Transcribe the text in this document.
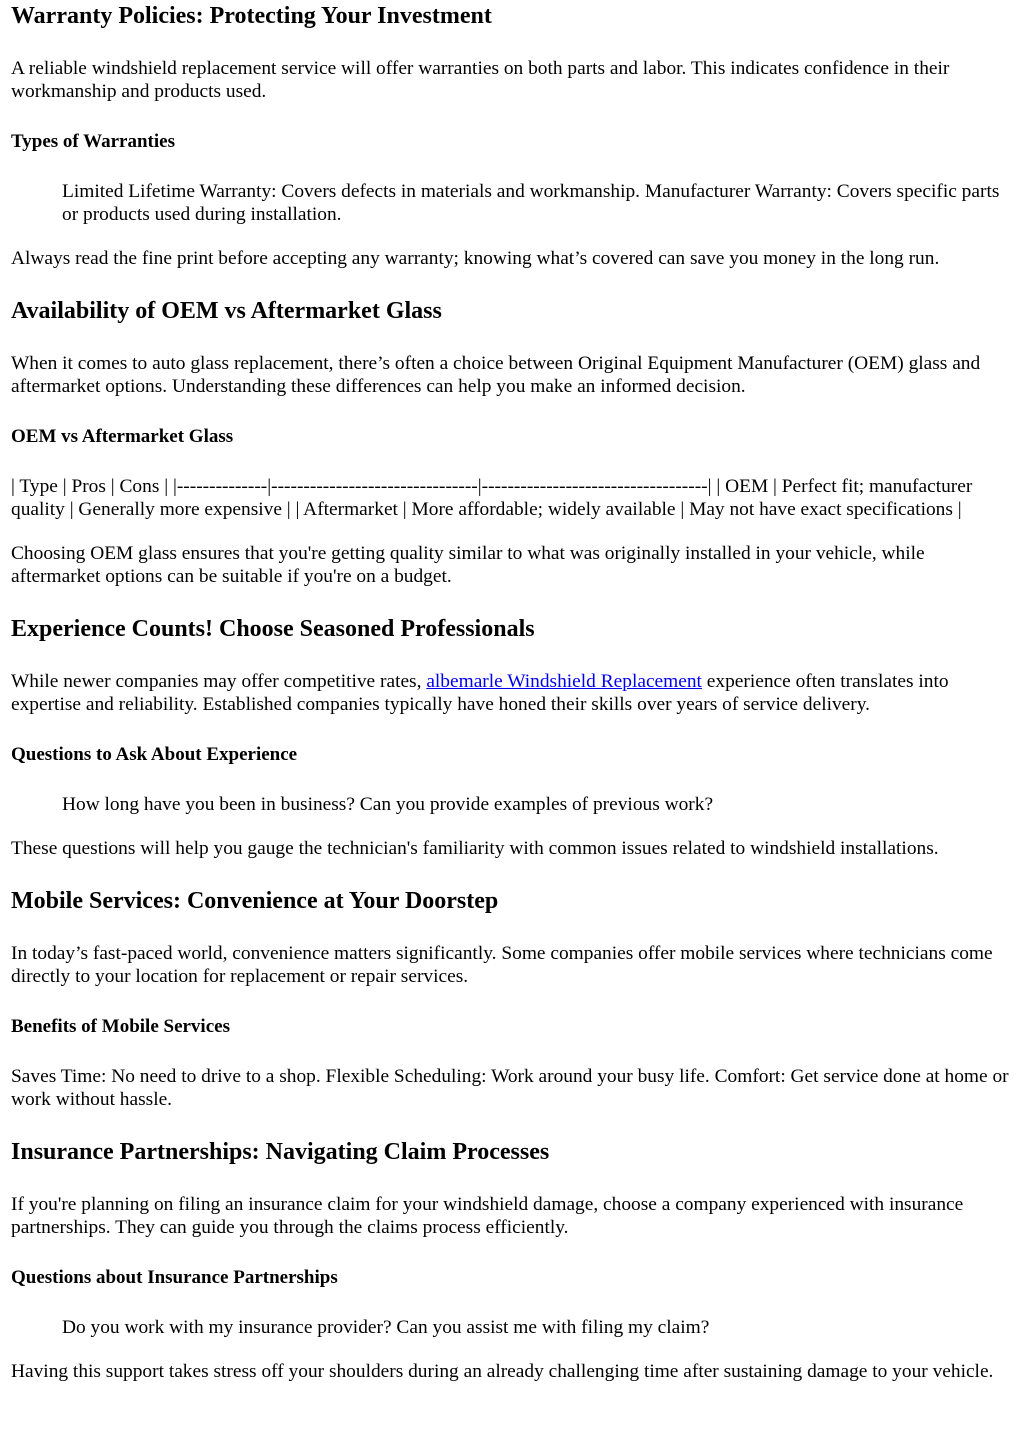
Warranty Policies: Protecting Your Investment

A reliable windshield replacement service will offer warranties on both parts and labor. This indicates confidence in their workmanship and products used.

Types of Warranties
Limited Lifetime Warranty: Covers defects in materials and workmanship. Manufacturer Warranty: Covers specific parts or products used during installation.

Always read the fine print before accepting any warranty; knowing what’s covered can save you money in the long run.

Availability of OEM vs Aftermarket Glass

When it comes to auto glass replacement, there’s often a choice between Original Equipment Manufacturer (OEM) glass and aftermarket options. Understanding these differences can help you make an informed decision.

OEM vs Aftermarket Glass

| Type | Pros | Cons | |--------------|--------------------------------|-----------------------------------| | OEM | Perfect fit; manufacturer quality | Generally more expensive | | Aftermarket | More affordable; widely available | May not have exact specifications |

Choosing OEM glass ensures that you're getting quality similar to what was originally installed in your vehicle, while aftermarket options can be suitable if you're on a budget.

Experience Counts! Choose Seasoned Professionals

While newer companies may offer competitive rates, albemarle Windshield Replacement experience often translates into expertise and reliability. Established companies typically have honed their skills over years of service delivery.

Questions to Ask About Experience
How long have you been in business? Can you provide examples of previous work?

These questions will help you gauge the technician's familiarity with common issues related to windshield installations.

Mobile Services: Convenience at Your Doorstep

In today’s fast-paced world, convenience matters significantly. Some companies offer mobile services where technicians come directly to your location for replacement or repair services.

Benefits of Mobile Services

Saves Time: No need to drive to a shop. Flexible Scheduling: Work around your busy life. Comfort: Get service done at home or work without hassle.

Insurance Partnerships: Navigating Claim Processes

If you're planning on filing an insurance claim for your windshield damage, choose a company experienced with insurance partnerships. They can guide you through the claims process efficiently.

Questions about Insurance Partnerships
Do you work with my insurance provider? Can you assist me with filing my claim?

Having this support takes stress off your shoulders during an already challenging time after sustaining damage to your vehicle.
